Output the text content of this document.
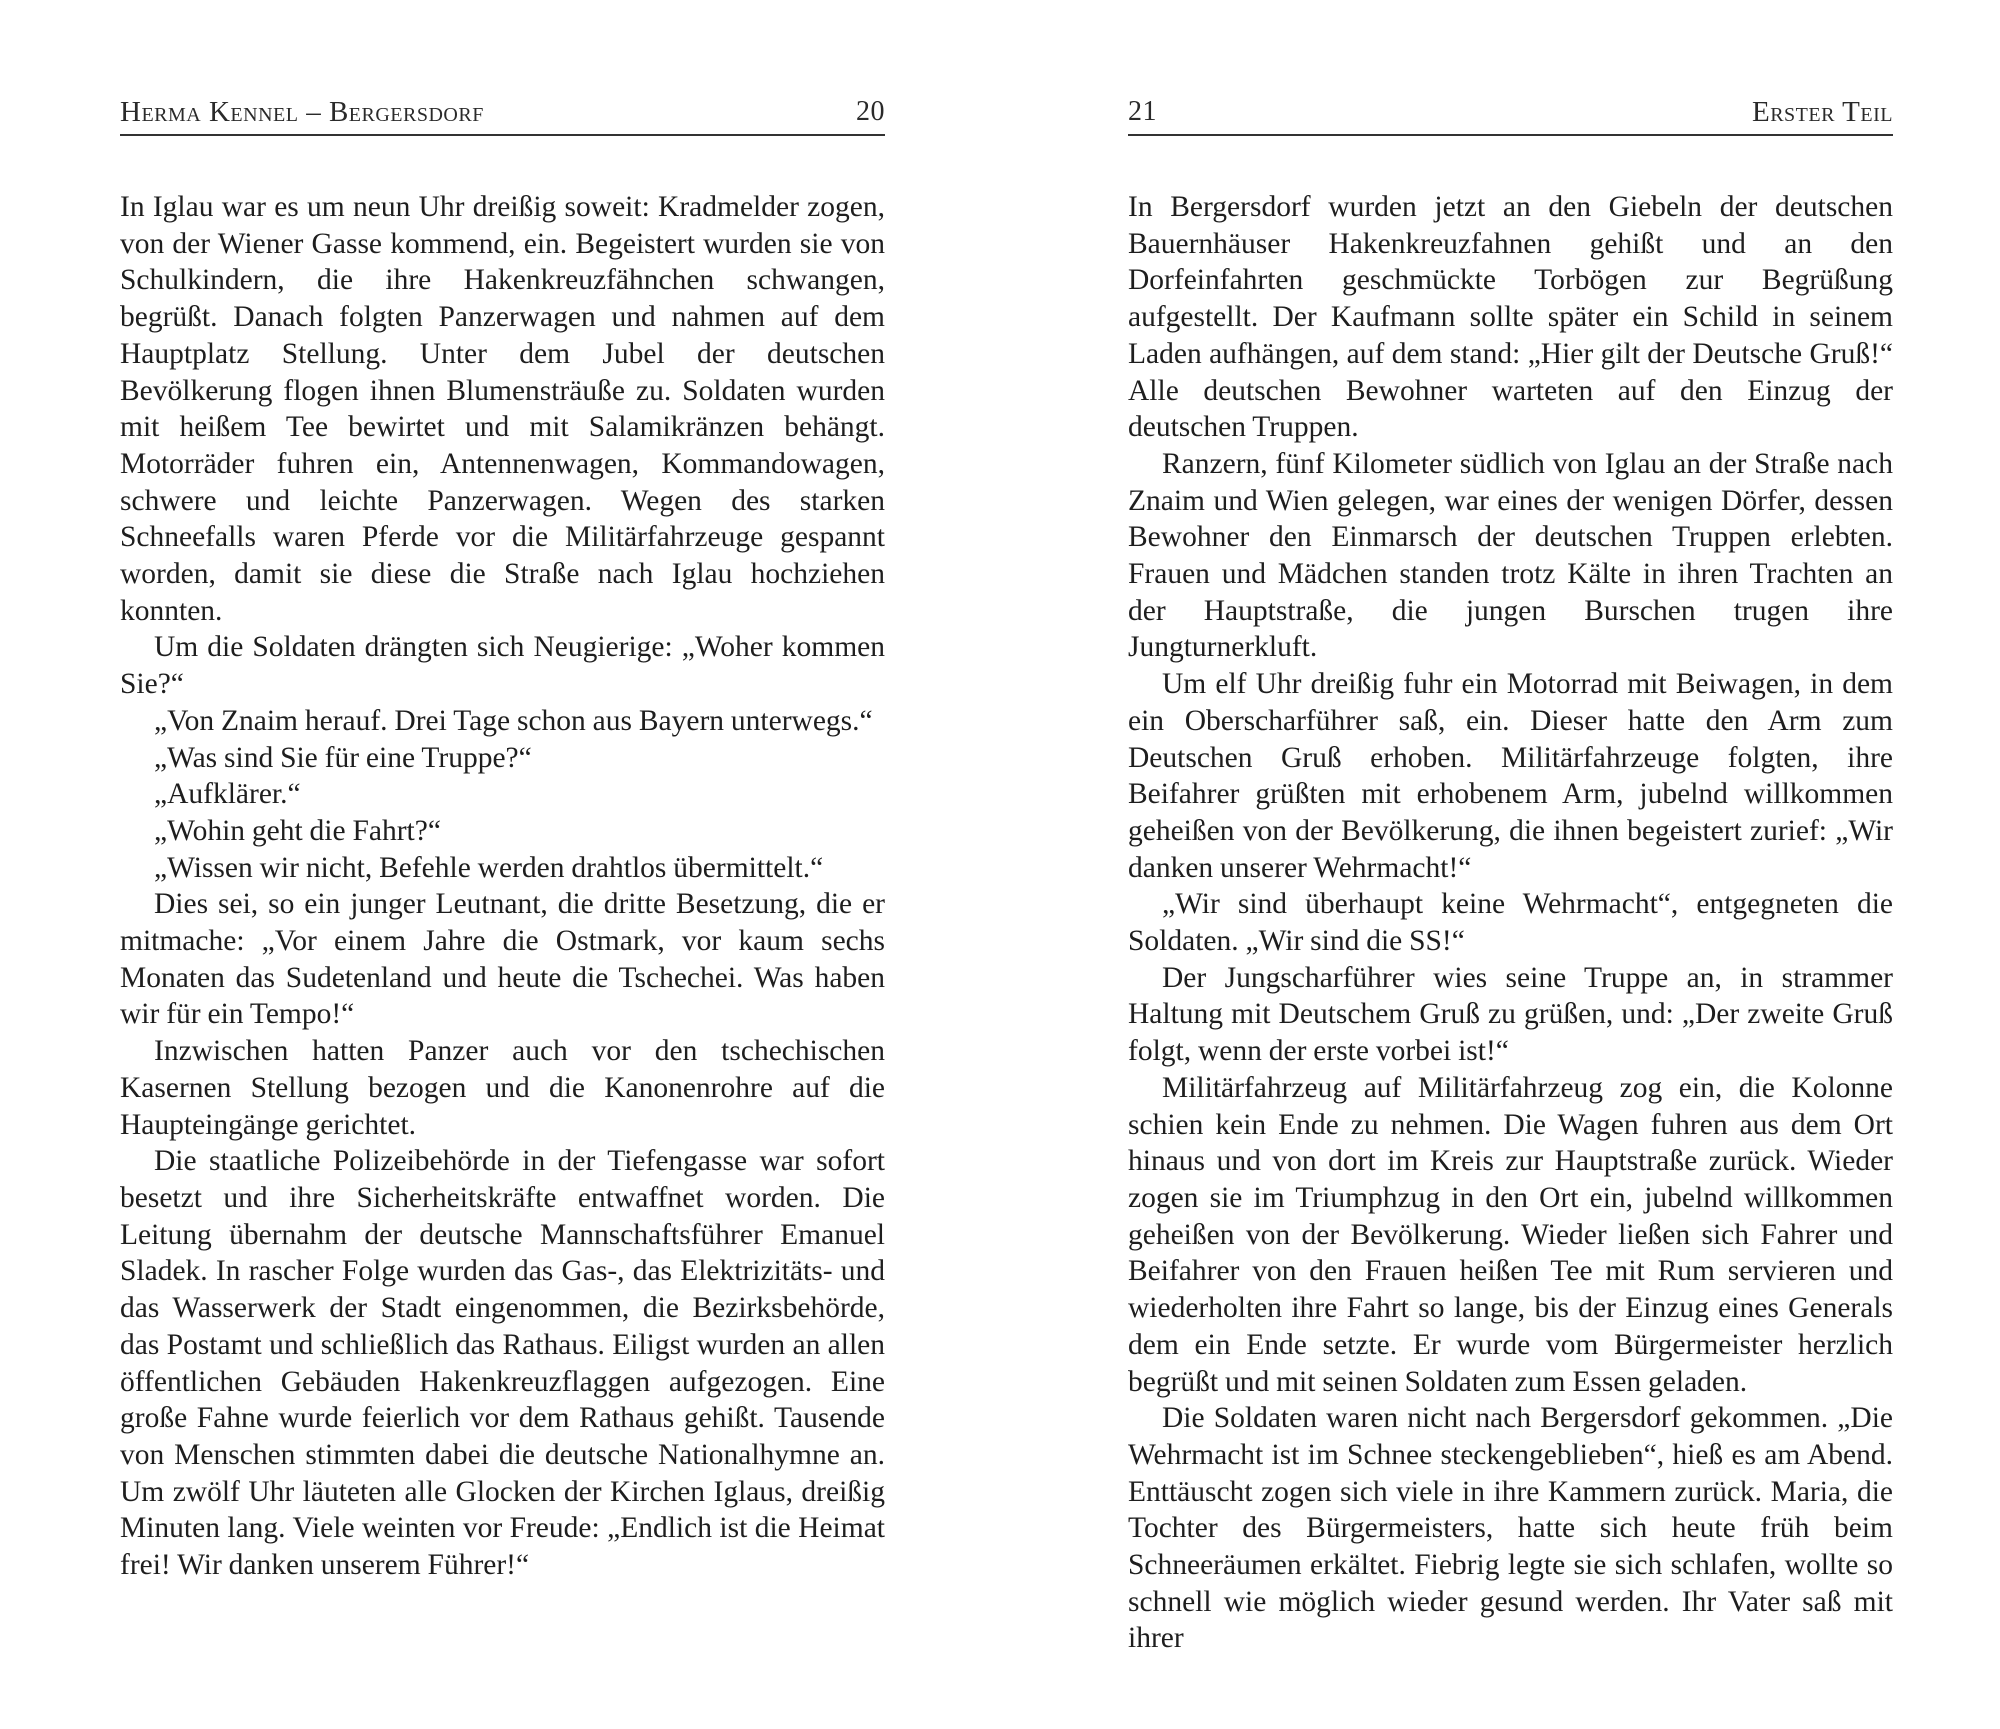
Herma Kennel – Bergersdorf	20

In Iglau war es um neun Uhr dreißig soweit: Kradmelder zogen, von der Wiener Gasse kommend, ein. Begeistert wurden sie von Schulkindern, die ihre Hakenkreuzfähnchen schwangen, begrüßt. Danach folgten Panzerwagen und nahmen auf dem Hauptplatz Stellung. Unter dem Jubel der deutschen Bevölkerung flogen ihnen Blumensträuße zu. Soldaten wurden mit heißem Tee bewirtet und mit Salamikränzen behängt. Motorräder fuhren ein, Antennenwagen, Kommandowagen, schwere und leichte Panzerwagen. Wegen des starken Schneefalls waren Pferde vor die Militärfahrzeuge gespannt worden, damit sie diese die Straße nach Iglau hochziehen konnten.

Um die Soldaten drängten sich Neugierige: „Woher kommen Sie?“

„Von Znaim herauf. Drei Tage schon aus Bayern unterwegs.“

„Was sind Sie für eine Truppe?“

„Aufklärer.“

„Wohin geht die Fahrt?“

„Wissen wir nicht, Befehle werden drahtlos übermittelt.“

Dies sei, so ein junger Leutnant, die dritte Besetzung, die er mitmache: „Vor einem Jahre die Ostmark, vor kaum sechs Monaten das Sudetenland und heute die Tschechei. Was haben wir für ein Tempo!“

Inzwischen hatten Panzer auch vor den tschechischen Kasernen Stellung bezogen und die Kanonenrohre auf die Haupteingänge gerichtet.

Die staatliche Polizeibehörde in der Tiefengasse war sofort besetzt und ihre Sicherheitskräfte entwaffnet worden. Die Leitung übernahm der deutsche Mannschaftsführer Emanuel Sladek. In rascher Folge wurden das Gas-, das Elektrizitäts- und das Wasserwerk der Stadt eingenommen, die Bezirksbehörde, das Postamt und schließlich das Rathaus. Eiligst wurden an allen öffentlichen Gebäuden Hakenkreuzflaggen aufgezogen. Eine große Fahne wurde feierlich vor dem Rathaus gehißt. Tausende von Menschen stimmten dabei die deutsche Nationalhymne an. Um zwölf Uhr läuteten alle Glocken der Kirchen Iglaus, dreißig Minuten lang. Viele weinten vor Freude: „Endlich ist die Heimat frei! Wir danken unserem Führer!“

21	Erster Teil

In Bergersdorf wurden jetzt an den Giebeln der deutschen Bauernhäuser Hakenkreuzfahnen gehißt und an den Dorfeinfahrten geschmückte Torbögen zur Begrüßung aufgestellt. Der Kaufmann sollte später ein Schild in seinem Laden aufhängen, auf dem stand: „Hier gilt der Deutsche Gruß!“ Alle deutschen Bewohner warteten auf den Einzug der deutschen Truppen.

Ranzern, fünf Kilometer südlich von Iglau an der Straße nach Znaim und Wien gelegen, war eines der wenigen Dörfer, dessen Bewohner den Einmarsch der deutschen Truppen erlebten. Frauen und Mädchen standen trotz Kälte in ihren Trachten an der Hauptstraße, die jungen Burschen trugen ihre Jungturnerkluft.

Um elf Uhr dreißig fuhr ein Motorrad mit Beiwagen, in dem ein Oberscharführer saß, ein. Dieser hatte den Arm zum Deutschen Gruß erhoben. Militärfahrzeuge folgten, ihre Beifahrer grüßten mit erhobenem Arm, jubelnd willkommen geheißen von der Bevölkerung, die ihnen begeistert zurief: „Wir danken unserer Wehrmacht!“

„Wir sind überhaupt keine Wehrmacht“, entgegneten die Soldaten. „Wir sind die SS!“

Der Jungscharführer wies seine Truppe an, in strammer Haltung mit Deutschem Gruß zu grüßen, und: „Der zweite Gruß folgt, wenn der erste vorbei ist!“

Militärfahrzeug auf Militärfahrzeug zog ein, die Kolonne schien kein Ende zu nehmen. Die Wagen fuhren aus dem Ort hinaus und von dort im Kreis zur Hauptstraße zurück. Wieder zogen sie im Triumphzug in den Ort ein, jubelnd willkommen geheißen von der Bevölkerung. Wieder ließen sich Fahrer und Beifahrer von den Frauen heißen Tee mit Rum servieren und wiederholten ihre Fahrt so lange, bis der Einzug eines Generals dem ein Ende setzte. Er wurde vom Bürgermeister herzlich begrüßt und mit seinen Soldaten zum Essen geladen.

Die Soldaten waren nicht nach Bergersdorf gekommen. „Die Wehrmacht ist im Schnee steckengeblieben“, hieß es am Abend. Enttäuscht zogen sich viele in ihre Kammern zurück. Maria, die Tochter des Bürgermeisters, hatte sich heute früh beim Schneeräumen erkältet. Fiebrig legte sie sich schlafen, wollte so schnell wie möglich wieder gesund werden. Ihr Vater saß mit ihrer
